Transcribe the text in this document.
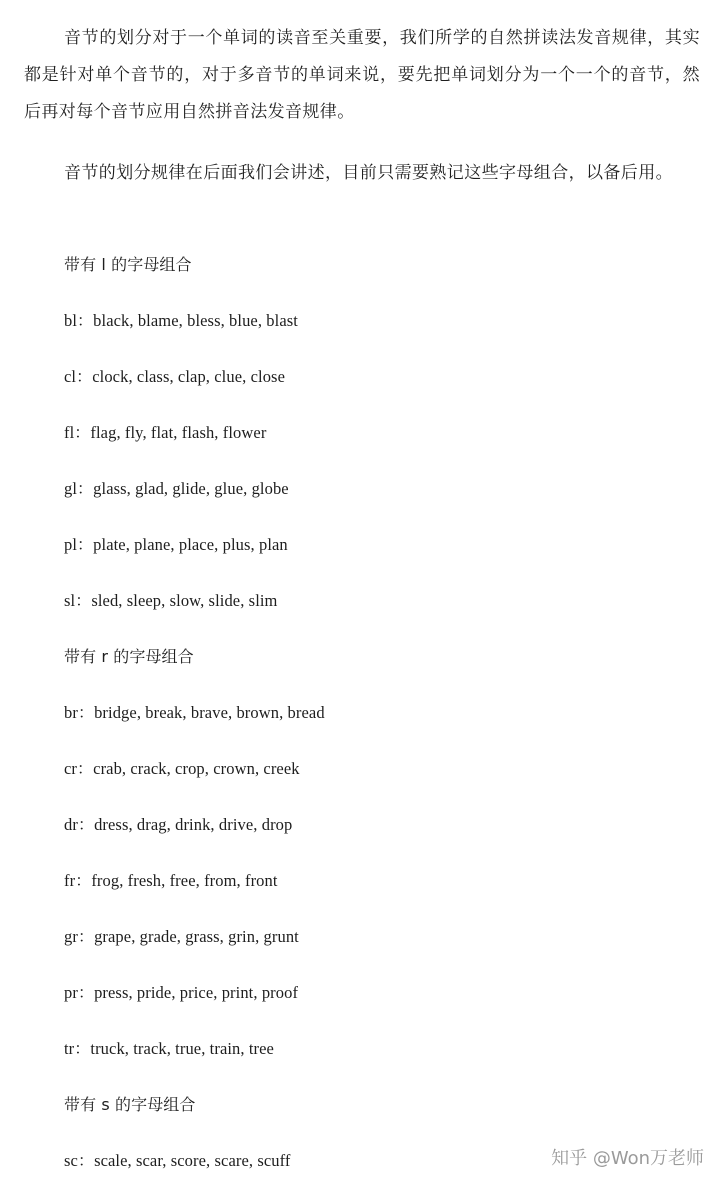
音节的划分对于一个单词的读音至关重要，我们所学的自然拼读法发音规律，其实都是针对单个音节的，对于多音节的单词来说，要先把单词划分为一个一个的音节，然后再对每个音节应用自然拼音法发音规律。

音节的划分规律在后面我们会讲述，目前只需要熟记这些字母组合，以备后用。

带有 l 的字母组合
bl：black, blame, bless, blue, blast
cl：clock, class, clap, clue, close
fl：flag, fly, flat, flash, flower
gl：glass, glad, glide, glue, globe
pl：plate, plane, place, plus, plan
sl：sled, sleep, slow, slide, slim
带有 r 的字母组合
br：bridge, break, brave, brown, bread
cr：crab, crack, crop, crown, creek
dr：dress, drag, drink, drive, drop
fr：frog, fresh, free, from, front
gr：grape, grade, grass, grin, grunt
pr：press, pride, price, print, proof
tr：truck, track, true, train, tree
带有 s 的字母组合
sc：scale, scar, score, scare, scuff	知乎 @Won万老师
